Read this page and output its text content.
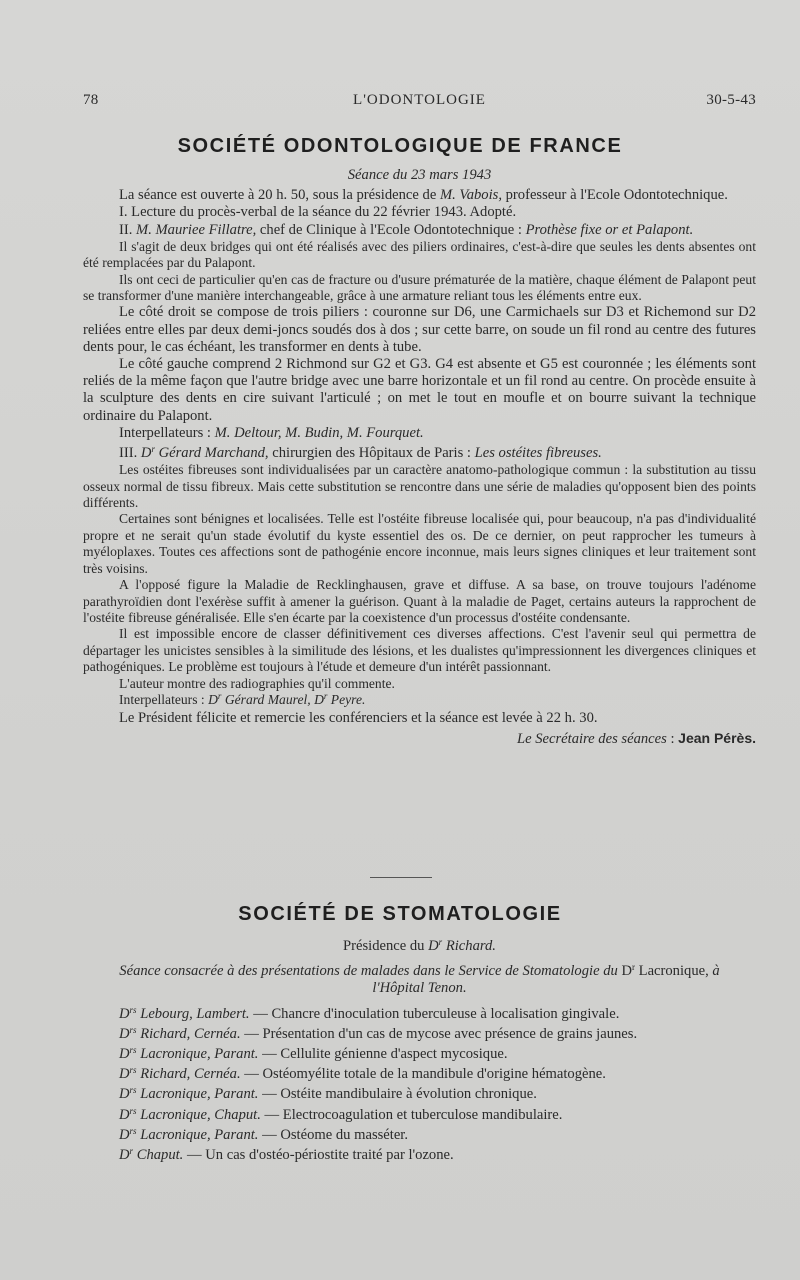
78	L'ODONTOLOGIE	30-5-43
SOCIÉTÉ ODONTOLOGIQUE DE FRANCE

Séance du 23 mars 1943

La séance est ouverte à 20 h. 50, sous la présidence de M. Vabois, professeur à l'Ecole Odontotechnique.

I. Lecture du procès-verbal de la séance du 22 février 1943. Adopté.

II. M. Mauriee Fillatre, chef de Clinique à l'Ecole Odontotechnique : Prothèse fixe or et Palapont.

Il s'agit de deux bridges qui ont été réalisés avec des piliers ordinaires, c'est-à-dire que seules les dents absentes ont été remplacées par du Palapont.

Ils ont ceci de particulier qu'en cas de fracture ou d'usure prématurée de la matière, chaque élément de Palapont peut se transformer d'une manière interchangeable, grâce à une armature reliant tous les éléments entre eux.

Le côté droit se compose de trois piliers : couronne sur D6, une Carmichaels sur D3 et Richemond sur D2 reliées entre elles par deux demi-joncs soudés dos à dos ; sur cette barre, on soude un fil rond au centre des futures dents pour, le cas échéant, les transformer en dents à tube.

Le côté gauche comprend 2 Richmond sur G2 et G3. G4 est absente et G5 est couronnée ; les éléments sont reliés de la même façon que l'autre bridge avec une barre horizontale et un fil rond au centre. On procède ensuite à la sculpture des dents en cire suivant l'articulé ; on met le tout en moufle et on bourre suivant la technique ordinaire du Palapont.

Interpellateurs : M. Deltour, M. Budin, M. Fourquet.

III. $D^r$ Gérard Marchand, chirurgien des Hôpitaux de Paris : Les ostéites fibreuses.

Les ostéites fibreuses sont individualisées par un caractère anatomo-pathologique commun : la substitution au tissu osseux normal de tissu fibreux. Mais cette substitution se rencontre dans une série de maladies qu'opposent bien des points différents.

Certaines sont bénignes et localisées. Telle est l'ostéite fibreuse localisée qui, pour beaucoup, n'a pas d'individualité propre et ne serait qu'un stade évolutif du kyste essentiel des os. De ce dernier, on peut rapprocher les tumeurs à myéloplaxes. Toutes ces affections sont de pathogénie encore inconnue, mais leurs signes cliniques et leur traitement sont très voisins.

A l'opposé figure la Maladie de Recklinghausen, grave et diffuse. A sa base, on trouve toujours l'adénome parathyroïdien dont l'exérèse suffit à amener la guérison. Quant à la maladie de Paget, certains auteurs la rapprochent de l'ostéite fibreuse généralisée. Elle s'en écarte par la coexistence d'un processus d'ostéite condensante.

Il est impossible encore de classer définitivement ces diverses affections. C'est l'avenir seul qui permettra de départager les unicistes sensibles à la similitude des lésions, et les dualistes qu'impressionnent les divergences cliniques et pathogéniques. Le problème est toujours à l'étude et demeure d'un intérêt passionnant.

L'auteur montre des radiographies qu'il commente.

Interpellateurs : $D^r$ Gérard Maurel, $D^r$ Peyre.

Le Président félicite et remercie les conférenciers et la séance est levée à 22 h. 30.

Le Secrétaire des séances : Jean Pérès.

SOCIÉTÉ DE STOMATOLOGIE

Présidence du $D^r$ Richard.

Séance consacrée à des présentations de malades dans le Service de Stomatologie du $D^r$ Lacronique, à l'Hôpital Tenon.

$D^{rs}$ Lebourg, Lambert. — Chancre d'inoculation tuberculeuse à localisation gingivale.

$D^{rs}$ Richard, Cernéa. — Présentation d'un cas de mycose avec présence de grains jaunes.

$D^{rs}$ Lacronique, Parant. — Cellulite génienne d'aspect mycosique.

$D^{rs}$ Richard, Cernéa. — Ostéomyélite totale de la mandibule d'origine hématogène.

$D^{rs}$ Lacronique, Parant. — Ostéite mandibulaire à évolution chronique.

$D^{rs}$ Lacronique, Chaput. — Electrocoagulation et tuberculose mandibulaire.

$D^{rs}$ Lacronique, Parant. — Ostéome du masséter.

$D^r$ Chaput. — Un cas d'ostéo-périostite traité par l'ozone.
